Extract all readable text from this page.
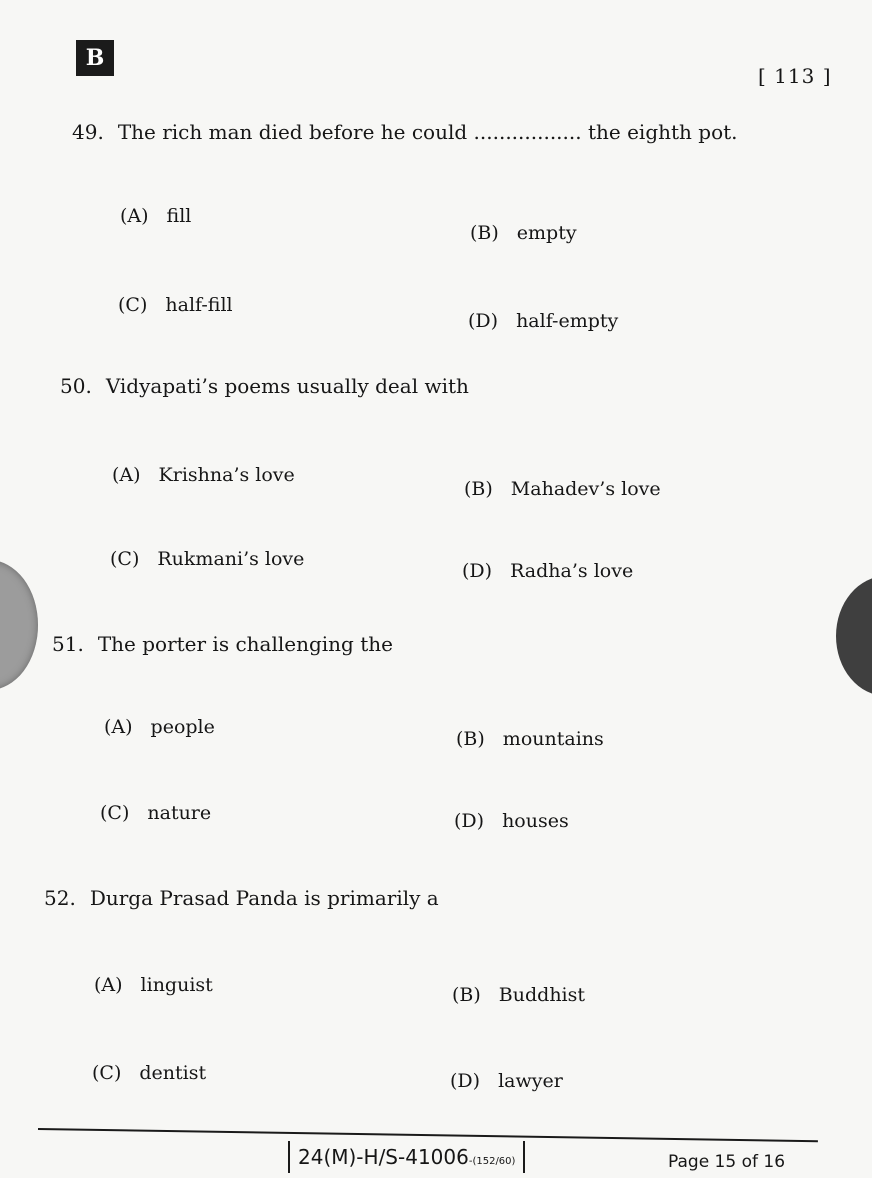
B
[ 113 ]
49. The rich man died before he could ................. the eighth pot.
(A) fill
(B) empty
(C) half-fill
(D) half-empty
50. Vidyapati’s poems usually deal with
(A) Krishna’s love
(B) Mahadev’s love
(C) Rukmani’s love
(D) Radha’s love
51. The porter is challenging the
(A) people
(B) mountains
(C) nature	(D) houses
52. Durga Prasad Panda is primarily a
(A) linguist	(B) Buddhist
(C) dentist	(D) lawyer
24(M)-H/S-41006-(152/60)	Page 15 of 16
